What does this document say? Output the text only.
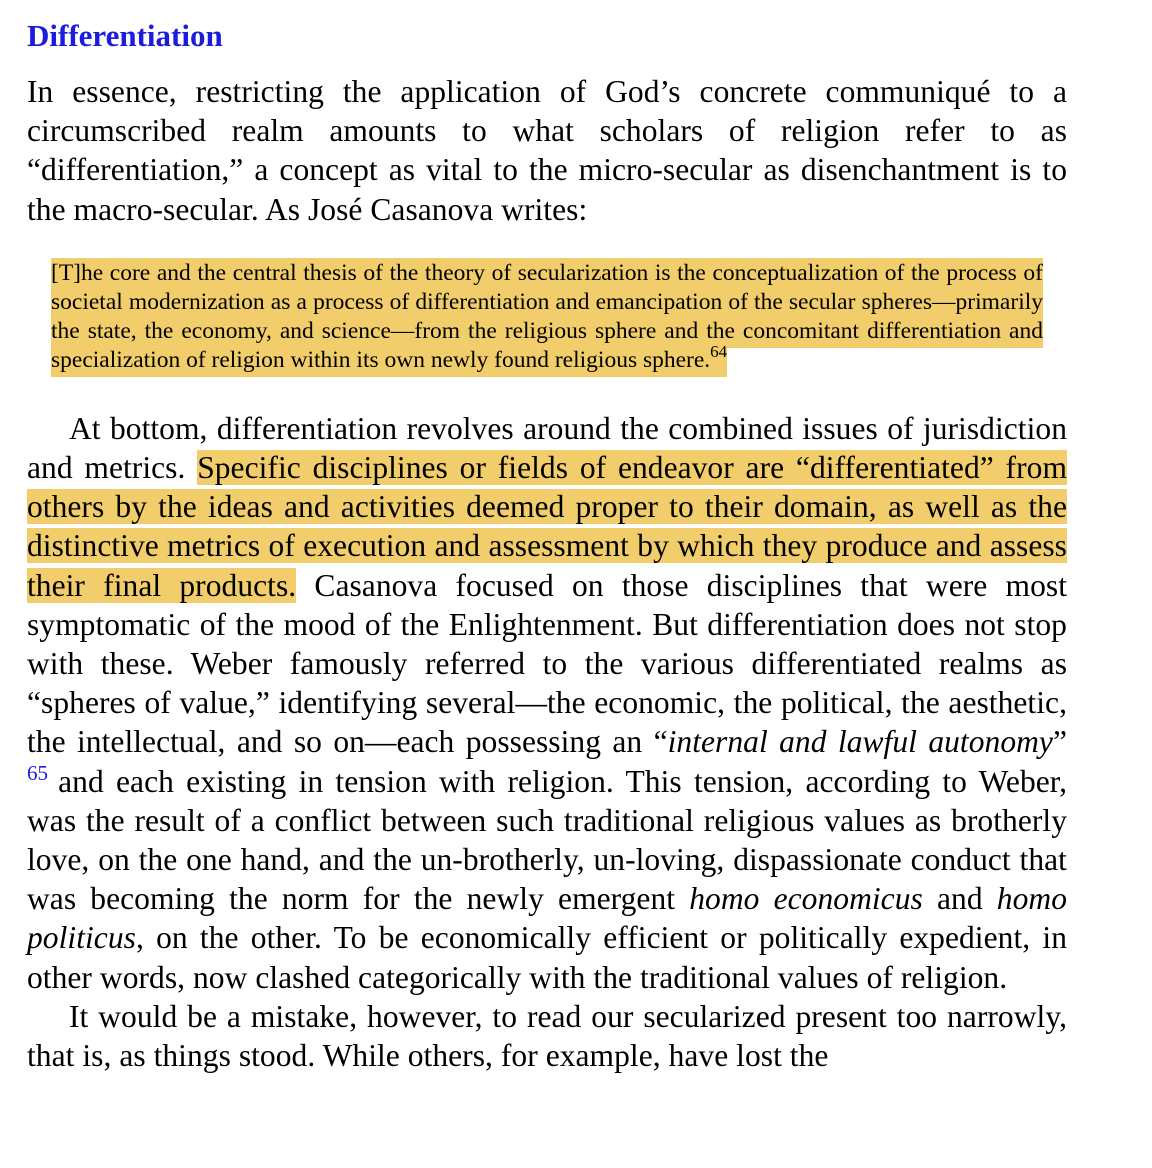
Differentiation

In essence, restricting the application of God’s concrete communiqué to a circumscribed realm amounts to what scholars of religion refer to as “differentiation,” a concept as vital to the micro-secular as disenchantment is to the macro-secular. As José Casanova writes:

[T]he core and the central thesis of the theory of secularization is the conceptualization of the process of societal modernization as a process of differentiation and emancipation of the secular spheres—primarily the state, the economy, and science—from the religious sphere and the concomitant differentiation and specialization of religion within its own newly found religious sphere.$^{64}$

At bottom, differentiation revolves around the combined issues of jurisdiction and metrics. Specific disciplines or fields of endeavor are “differentiated” from others by the ideas and activities deemed proper to their domain, as well as the distinctive metrics of execution and assessment by which they produce and assess their final products. Casanova focused on those disciplines that were most symptomatic of the mood of the Enlightenment. But differentiation does not stop with these. Weber famously referred to the various differentiated realms as “spheres of value,” identifying several—the economic, the political, the aesthetic, the intellectual, and so on—each possessing an “internal and lawful autonomy” $^{65}$ and each existing in tension with religion. This tension, according to Weber, was the result of a conflict between such traditional religious values as brotherly love, on the one hand, and the un-brotherly, un-loving, dispassionate conduct that was becoming the norm for the newly emergent homo economicus and homo politicus, on the other. To be economically efficient or politically expedient, in other words, now clashed categorically with the traditional values of religion.

It would be a mistake, however, to read our secularized present too narrowly, that is, as things stood. While others, for example, have lost the
